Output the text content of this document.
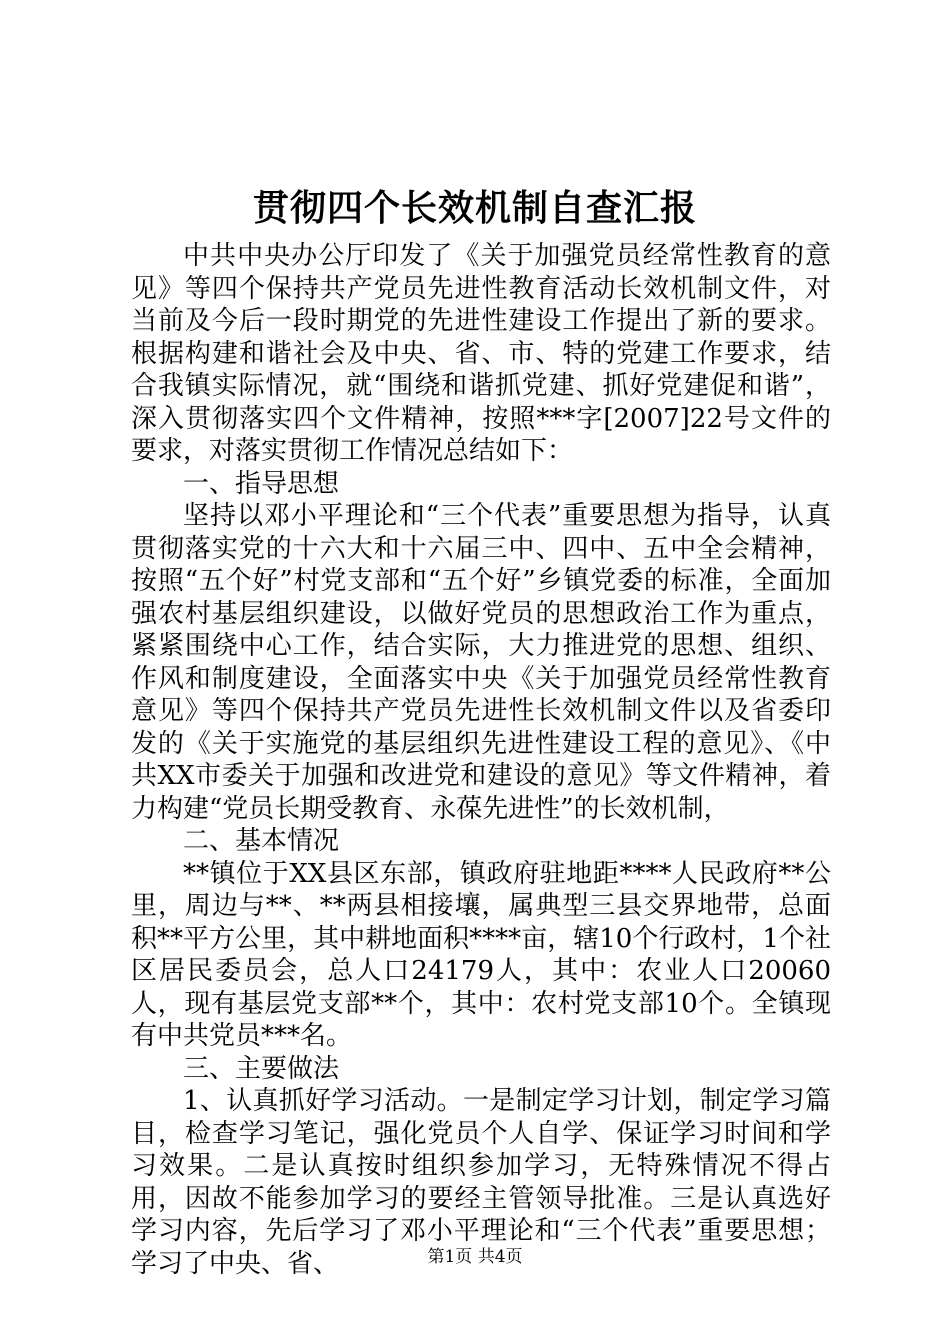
贯彻四个长效机制自查汇报

中共中央办公厅印发了《关于加强党员经常性教育的意见》等四个保持共产党员先进性教育活动长效机制文件，对当前及今后一段时期党的先进性建设工作提出了新的要求。根据构建和谐社会及中央、省、市、特的党建工作要求，结合我镇实际情况，就“围绕和谐抓党建、抓好党建促和谐”，深入贯彻落实四个文件精神，按照***字[2007]22号文件的要求，对落实贯彻工作情况总结如下：

一、指导思想

坚持以邓小平理论和“三个代表”重要思想为指导，认真贯彻落实党的十六大和十六届三中、四中、五中全会精神，按照“五个好”村党支部和“五个好”乡镇党委的标准，全面加强农村基层组织建设，以做好党员的思想政治工作为重点，紧紧围绕中心工作，结合实际，大力推进党的思想、组织、作风和制度建设，全面落实中央《关于加强党员经常性教育意见》等四个保持共产党员先进性长效机制文件以及省委印发的《关于实施党的基层组织先进性建设工程的意见》、《中共XX市委关于加强和改进党和建设的意见》等文件精神，着力构建“党员长期受教育、永葆先进性”的长效机制，

二、基本情况

**镇位于XX县区东部，镇政府驻地距****人民政府**公里，周边与**、**两县相接壤，属典型三县交界地带，总面积**平方公里，其中耕地面积****亩，辖10个行政村，1个社区居民委员会，总人口24179人，其中：农业人口20060人，现有基层党支部**个，其中：农村党支部10个。全镇现有中共党员***名。

三、主要做法

1、认真抓好学习活动。一是制定学习计划，制定学习篇目，检查学习笔记，强化党员个人自学、保证学习时间和学习效果。二是认真按时组织参加学习，无特殊情况不得占用，因故不能参加学习的要经主管领导批准。三是认真选好学习内容，先后学习了邓小平理论和“三个代表”重要思想；学习了中央、省、	第1页 共4页
